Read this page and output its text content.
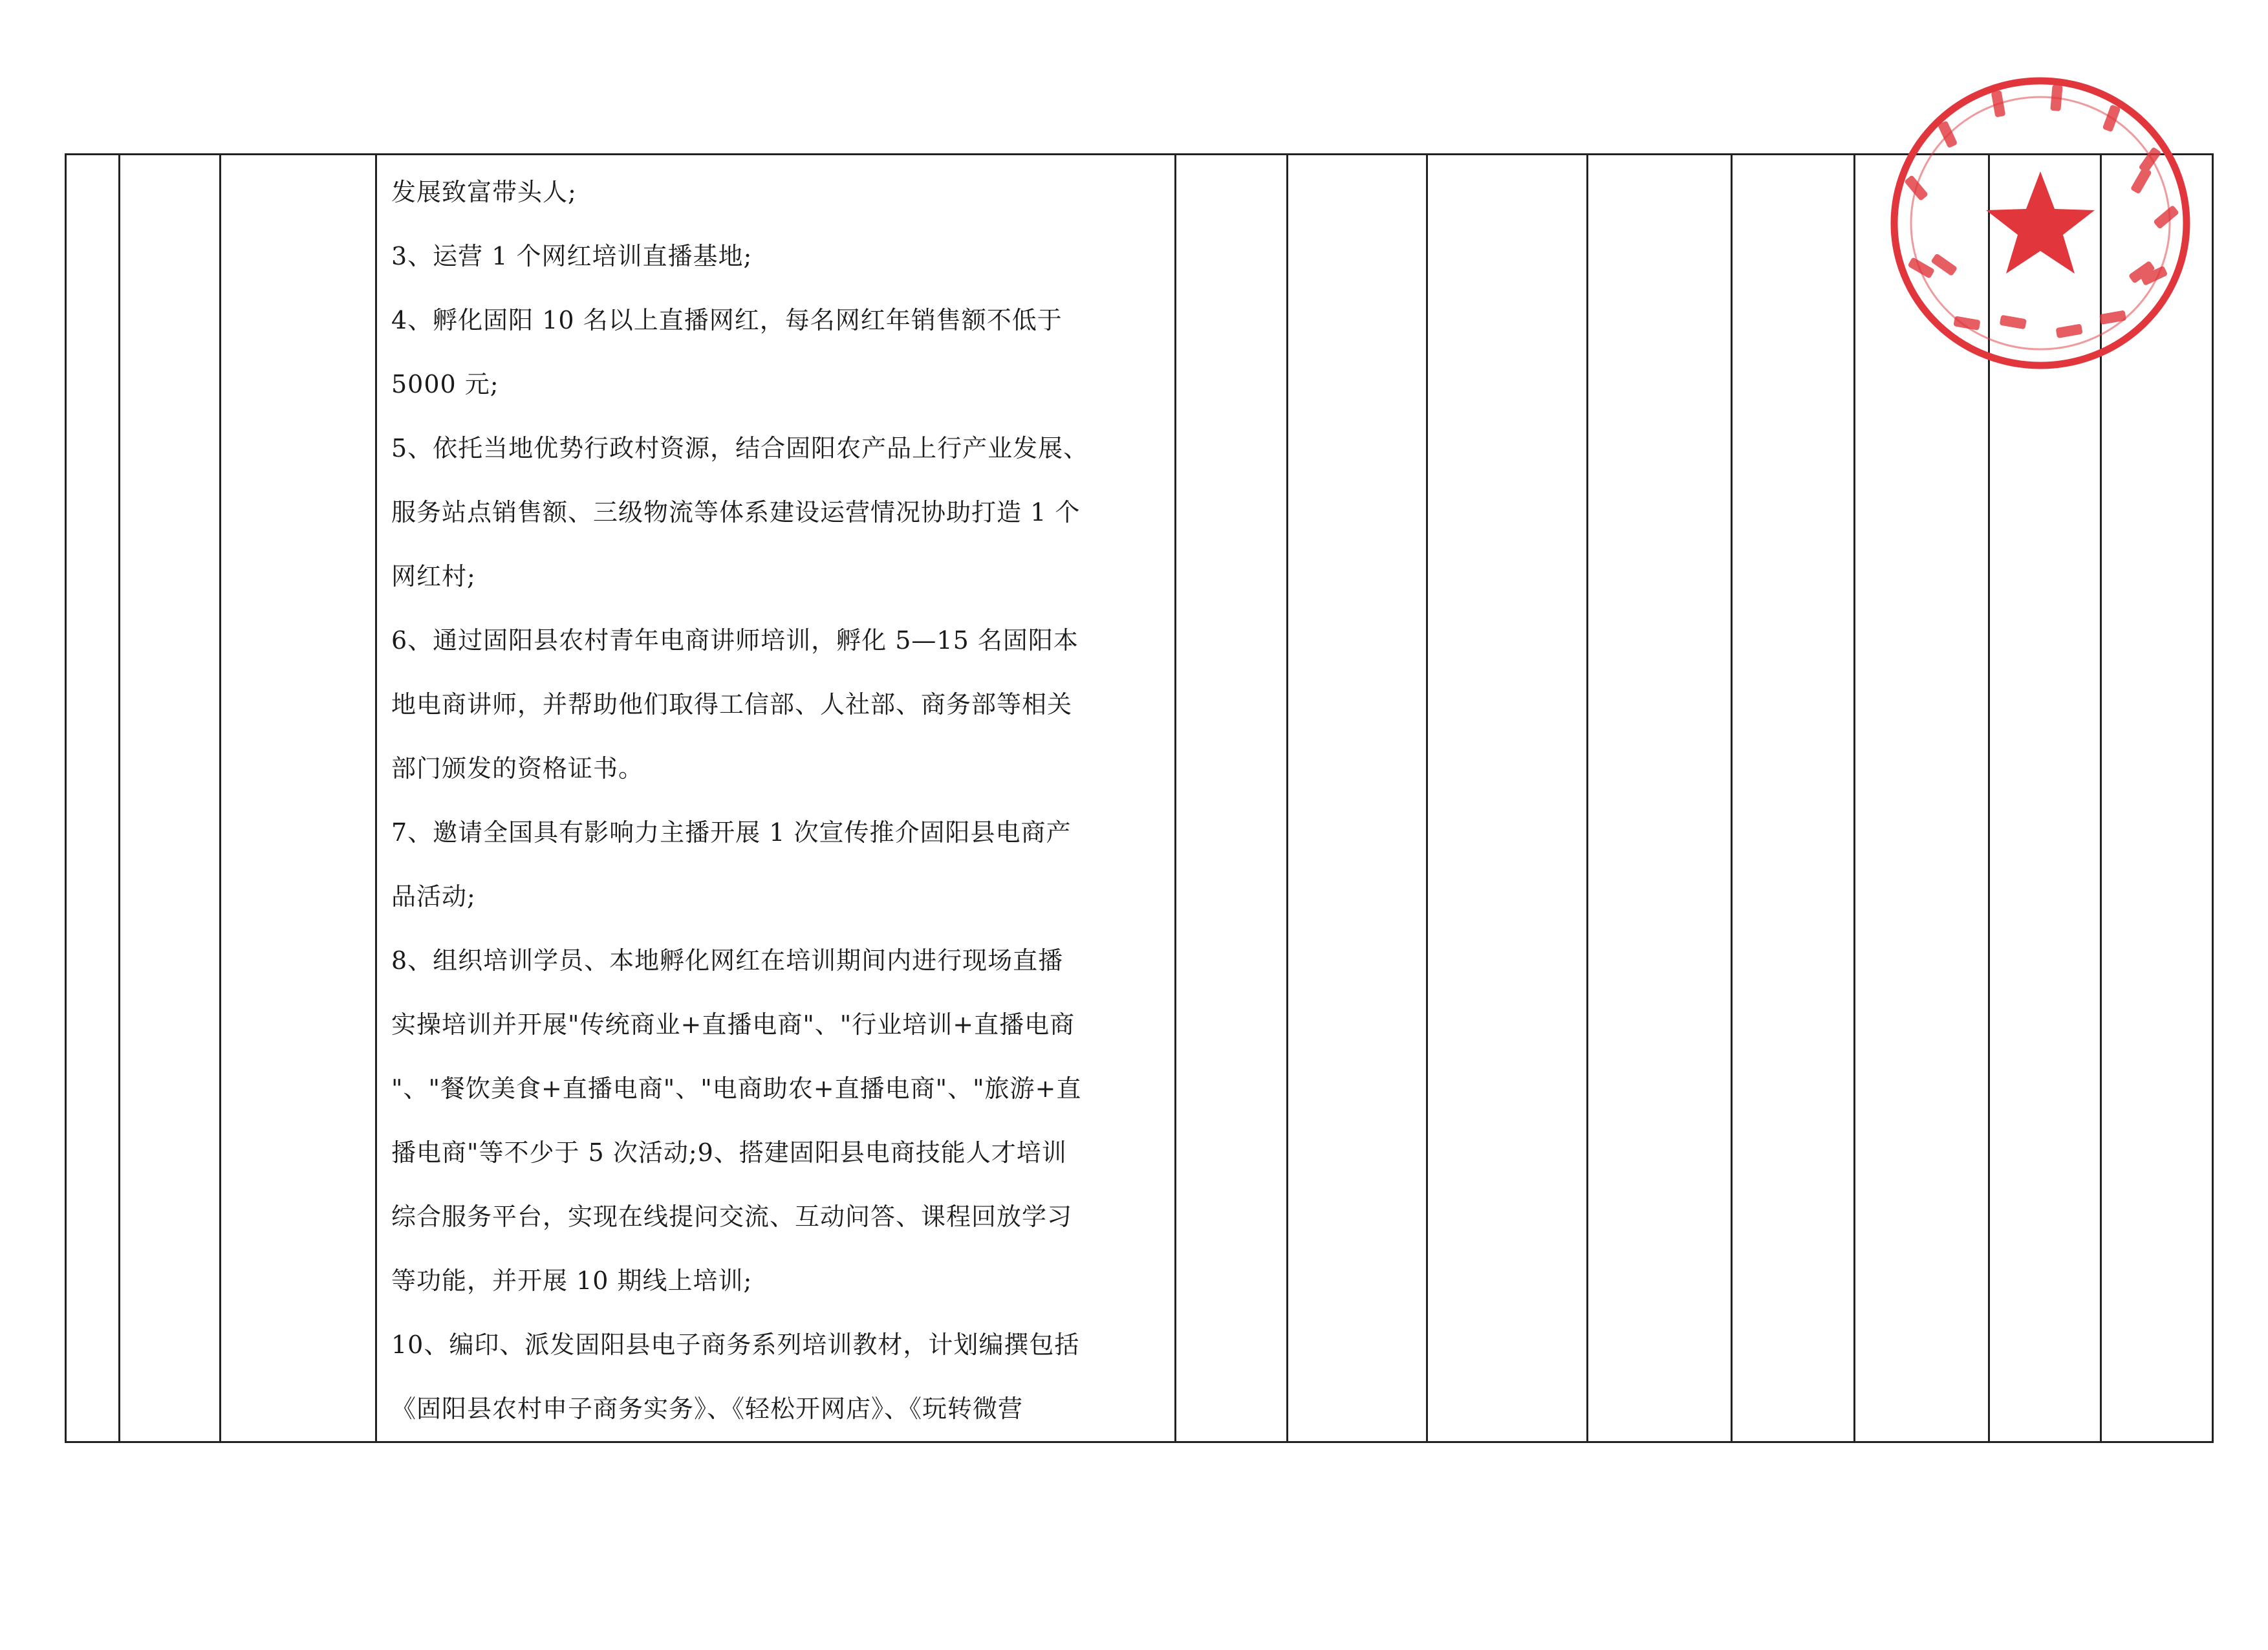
发展致富带头人;
3、运营 1 个网红培训直播基地;
4、孵化固阳 10 名以上直播网红，每名网红年销售额不低于
5000 元;
5、依托当地优势行政村资源，结合固阳农产品上行产业发展、
服务站点销售额、三级物流等体系建设运营情况协助打造 1 个
网红村;
6、通过固阳县农村青年电商讲师培训，孵化 5—15 名固阳本
地电商讲师，并帮助他们取得工信部、人社部、商务部等相关
部门颁发的资格证书。
7、邀请全国具有影响力主播开展 1 次宣传推介固阳县电商产
品活动;
8、组织培训学员、本地孵化网红在培训期间内进行现场直播
实操培训并开展"传统商业+直播电商"、"行业培训+直播电商
"、"餐饮美食+直播电商"、"电商助农+直播电商"、"旅游+直
播电商"等不少于 5 次活动;9、搭建固阳县电商技能人才培训
综合服务平台，实现在线提问交流、互动问答、课程回放学习
等功能，并开展 10 期线上培训;
10、编印、派发固阳县电子商务系列培训教材，计划编撰包括
《固阳县农村申子商务实务》、《轻松开网店》、《玩转微营
